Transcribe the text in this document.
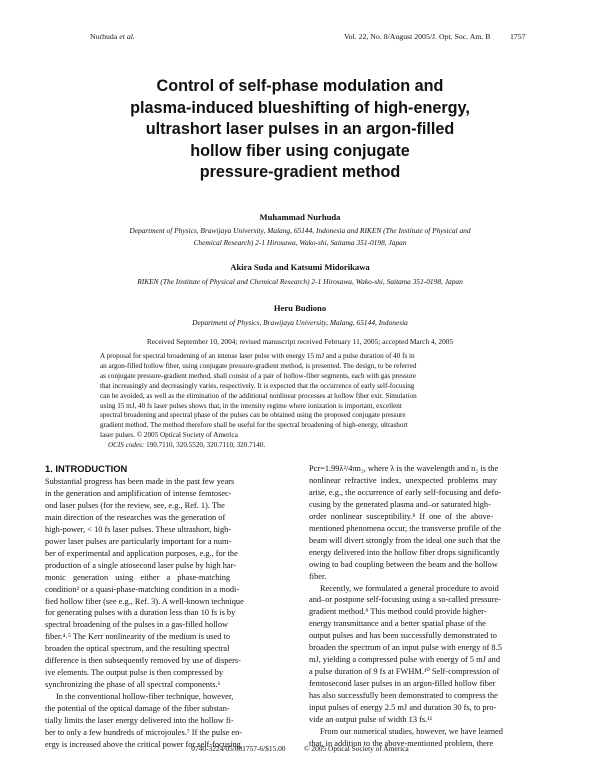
Nurhuda et al.	Vol. 22, No. 8/August 2005/J. Opt. Soc. Am. B	1757
Control of self-phase modulation and
plasma-induced blueshifting of high-energy,
ultrashort laser pulses in an argon-filled
hollow fiber using conjugate
pressure-gradient method
Muhammad Nurhuda
Department of Physics, Brawijaya University, Malang, 65144, Indonesia and RIKEN (The Institute of Physical and
Chemical Research) 2-1 Hirosawa, Wako-shi, Saitama 351-0198, Japan
Akira Suda and Katsumi Midorikawa
RIKEN (The Institute of Physical and Chemical Research) 2-1 Hirosawa, Wako-shi, Saitama 351-0198, Japan
Heru Budiono
Department of Physics, Brawijaya University, Malang, 65144, Indonesia
Received September 10, 2004; revised manuscript received February 11, 2005; accepted March 4, 2005
A proposal for spectral broadening of an intense laser pulse with energy 15 mJ and a pulse duration of 40 fs in
an argon-filled hollow fiber, using conjugate pressure-gradient method, is presented. The design, to be referred
as conjugate pressure-gradient method, shall consist of a pair of hollow-fiber segments, each with gas pressure
that increasingly and decreasingly varies, respectively. It is expected that the occurrence of early self-focusing
can be avoided, as well as the elimination of the additional nonlinear processes at hollow fiber exit. Simulation
using 15 mJ, 40 fs laser pulses shows that, in the intensity regime where ionization is important, excellent
spectral broadening and spectral phase of the pulses can be obtained using the proposed conjugate pressure
gradient method. The method therefore shall be useful for the spectral broadening of high-energy, ultrashort
laser pulses. © 2005 Optical Society of America
OCIS codes: 190.7110, 320.5520, 320.7110, 320.7140.
1. INTRODUCTION
Substantial progress has been made in the past few years
in the generation and amplification of intense femtosec-
ond laser pulses (for the review, see, e.g., Ref. 1). The
main direction of the researches was the generation of
high-power, < 10 fs laser pulses. These ultrashort, high-
power laser pulses are particularly important for a num-
ber of experimental and application purposes, e.g., for the
production of a single attosecond laser pulse by high har-
monic generation using either a phase-matching
condition² or a quasi-phase-matching condition in a modi-
fied hollow fiber (see e.g., Ref. 3). A well-known technique
for generating pulses with a duration less than 10 fs is by
spectral broadening of the pulses in a gas-filled hollow
fiber.⁴˒⁵ The Kerr nonlinearity of the medium is used to
broaden the optical spectrum, and the resulting spectral
difference is then subsequently removed by use of dispers-
ive elements. The output pulse is then compressed by
synchronizing the phase of all spectral components.⁶
In the conventional hollow-fiber technique, however,
the potential of the optical damage of the fiber substan-
tially limits the laser energy delivered into the hollow fi-
ber to only a few hundreds of microjoules.⁷ If the pulse en-
ergy is increased above the critical power for self-focusing
Pcr=1.99λ²/4πn₂, where λ is the wavelength and n₂ is the
nonlinear refractive index, unexpected problems may
arise, e.g., the occurrence of early self-focusing and defo-
cusing by the generated plasma and–or saturated high-
order nonlinear susceptibility.⁸ If one of the above-
mentioned phenomena occur, the transverse profile of the
beam will divert strongly from the ideal one such that the
energy delivered into the hollow fiber drops significantly
owing to bad coupling between the beam and the hollow
fiber.
Recently, we formulated a general procedure to avoid
and–or postpone self-focusing using a so-called pressure-
gradient method.⁹ This method could provide higher-
energy transmittance and a better spatial phase of the
output pulses and has been successfully demonstrated to
broaden the spectrum of an input pulse with energy of 8.5
mJ, yielding a compressed pulse with energy of 5 mJ and
a pulse duration of 9 fs at FWHM.¹⁰ Self-compression of
femtosecond laser pulses in an argon-filled hollow fiber
has also successfully been demonstrated to compress the
input pulses of energy 2.5 mJ and duration 30 fs, to pro-
vide an output pulse of width 13 fs.¹¹
From our numerical studies, however, we have learned
that, in addition to the above-mentioned problem, there
0740-3224/05/081757-6/$15.00          © 2005 Optical Society of America
